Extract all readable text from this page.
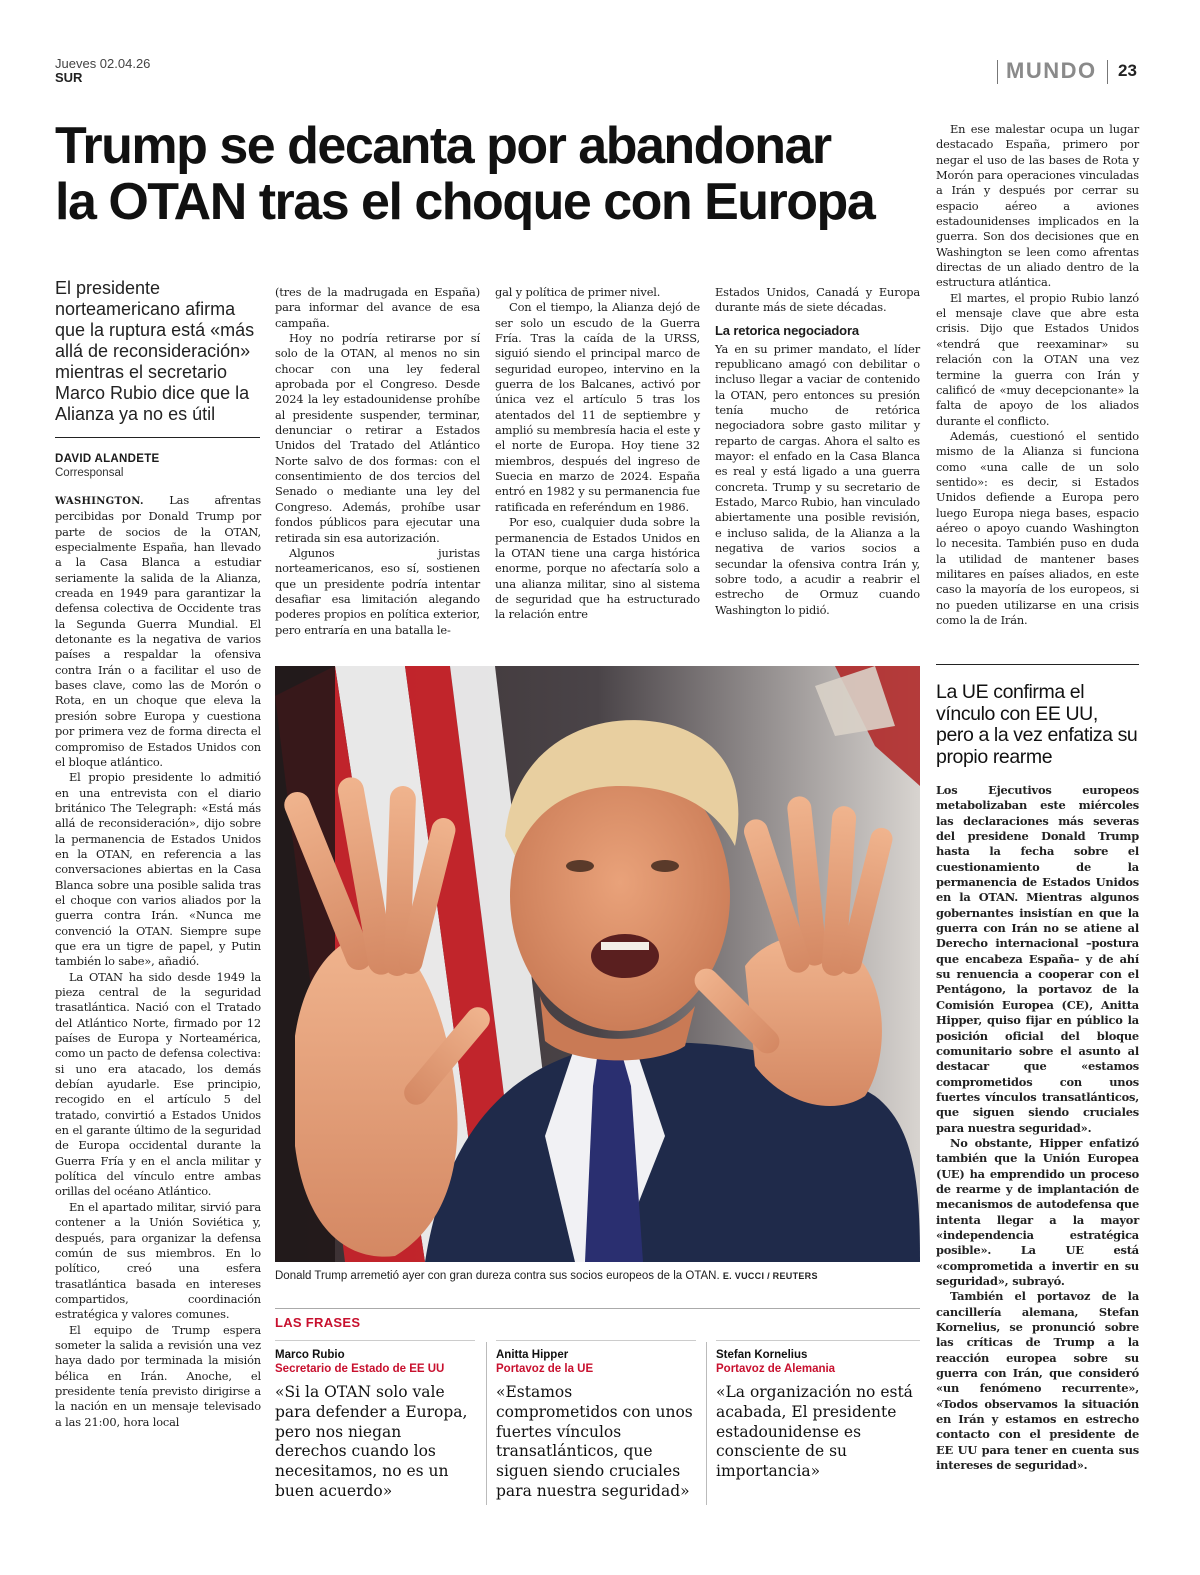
Jueves 02.04.26
SUR	MUNDO 23
Trump se decanta por abandonar
la OTAN tras el choque con Europa
El presidente norteamericano afirma que la ruptura está «más allá de reconsideración» mientras el secretario Marco Rubio dice que la Alianza ya no es útil
DAVID ALANDETE
Corresponsal

WASHINGTON. Las afrentas percibidas por Donald Trump por parte de socios de la OTAN, especialmente España, han llevado a la Casa Blanca a estudiar seriamente la salida de la Alianza, creada en 1949 para garantizar la defensa colectiva de Occidente tras la Segunda Guerra Mundial. El detonante es la negativa de varios países a respaldar la ofensiva contra Irán o a facilitar el uso de bases clave, como las de Morón o Rota, en un choque que eleva la presión sobre Europa y cuestiona por primera vez de forma directa el compromiso de Estados Unidos con el bloque atlántico.

El propio presidente lo admitió en una entrevista con el diario británico The Telegraph: «Está más allá de reconsideración», dijo sobre la permanencia de Estados Unidos en la OTAN, en referencia a las conversaciones abiertas en la Casa Blanca sobre una posible salida tras el choque con varios aliados por la guerra contra Irán. «Nunca me convenció la OTAN. Siempre supe que era un tigre de papel, y Putin también lo sabe», añadió.

La OTAN ha sido desde 1949 la pieza central de la seguridad trasatlántica. Nació con el Tratado del Atlántico Norte, firmado por 12 países de Europa y Norteamérica, como un pacto de defensa colectiva: si uno era atacado, los demás debían ayudarle. Ese principio, recogido en el artículo 5 del tratado, convirtió a Estados Unidos en el garante último de la seguridad de Europa occidental durante la Guerra Fría y en el ancla militar y política del vínculo entre ambas orillas del océano Atlántico.

En el apartado militar, sirvió para contener a la Unión Soviética y, después, para organizar la defensa común de sus miembros. En lo político, creó una esfera trasatlántica basada en intereses compartidos, coordinación estratégica y valores comunes.

El equipo de Trump espera someter la salida a revisión una vez haya dado por terminada la misión bélica en Irán. Anoche, el presidente tenía previsto dirigirse a la nación en un mensaje televisado a las 21:00, hora local

(tres de la madrugada en España) para informar del avance de esa campaña.

Hoy no podría retirarse por sí solo de la OTAN, al menos no sin chocar con una ley federal aprobada por el Congreso. Desde 2024 la ley estadounidense prohíbe al presidente suspender, terminar, denunciar o retirar a Estados Unidos del Tratado del Atlántico Norte salvo de dos formas: con el consentimiento de dos tercios del Senado o mediante una ley del Congreso. Además, prohíbe usar fondos públicos para ejecutar una retirada sin esa autorización.

Algunos juristas norteamericanos, eso sí, sostienen que un presidente podría intentar desafiar esa limitación alegando poderes propios en política exterior, pero entraría en una batalla le-

gal y política de primer nivel.

Con el tiempo, la Alianza dejó de ser solo un escudo de la Guerra Fría. Tras la caída de la URSS, siguió siendo el principal marco de seguridad europeo, intervino en la guerra de los Balcanes, activó por única vez el artículo 5 tras los atentados del 11 de septiembre y amplió su membresía hacia el este y el norte de Europa. Hoy tiene 32 miembros, después del ingreso de Suecia en marzo de 2024. España entró en 1982 y su permanencia fue ratificada en referéndum en 1986.

Por eso, cualquier duda sobre la permanencia de Estados Unidos en la OTAN tiene una carga histórica enorme, porque no afectaría solo a una alianza militar, sino al sistema de seguridad que ha estructurado la relación entre

Estados Unidos, Canadá y Europa durante más de siete décadas.

La retorica negociadora

Ya en su primer mandato, el líder republicano amagó con debilitar o incluso llegar a vaciar de contenido la OTAN, pero entonces su presión tenía mucho de retórica negociadora sobre gasto militar y reparto de cargas. Ahora el salto es mayor: el enfado en la Casa Blanca es real y está ligado a una guerra concreta. Trump y su secretario de Estado, Marco Rubio, han vinculado abiertamente una posible revisión, e incluso salida, de la Alianza a la negativa de varios socios a secundar la ofensiva contra Irán y, sobre todo, a acudir a reabrir el estrecho de Ormuz cuando Washington lo pidió.

En ese malestar ocupa un lugar destacado España, primero por negar el uso de las bases de Rota y Morón para operaciones vinculadas a Irán y después por cerrar su espacio aéreo a aviones estadounidenses implicados en la guerra. Son dos decisiones que en Washington se leen como afrentas directas de un aliado dentro de la estructura atlántica.

El martes, el propio Rubio lanzó el mensaje clave que abre esta crisis. Dijo que Estados Unidos «tendrá que reexaminar» su relación con la OTAN una vez termine la guerra con Irán y calificó de «muy decepcionante» la falta de apoyo de los aliados durante el conflicto.

Además, cuestionó el sentido mismo de la Alianza si funciona como «una calle de un solo sentido»: es decir, si Estados Unidos defiende a Europa pero luego Europa niega bases, espacio aéreo o apoyo cuando Washington lo necesita. También puso en duda la utilidad de mantener bases militares en países aliados, en este caso la mayoría de los europeos, si no pueden utilizarse en una crisis como la de Irán.

Donald Trump arremetió ayer con gran dureza contra sus socios europeos de la OTAN. E. VUCCI / REUTERS
LAS FRASES
Marco Rubio
Secretario de Estado de EE UU
«Si la OTAN solo vale para defender a Europa, pero nos niegan derechos cuando los necesitamos, no es un buen acuerdo»
Anitta Hipper
Portavoz de la UE
«Estamos comprometidos con unos fuertes vínculos transatlánticos, que siguen siendo cruciales para nuestra seguridad»
Stefan Kornelius
Portavoz de Alemania
«La organización no está acabada, El presidente estadounidense es consciente de su importancia»
La UE confirma el vínculo con EE UU, pero a la vez enfatiza su propio rearme

Los Ejecutivos europeos metabolizaban este miércoles las declaraciones más severas del presidene Donald Trump hasta la fecha sobre el cuestionamiento de la permanencia de Estados Unidos en la OTAN. Mientras algunos gobernantes insistían en que la guerra con Irán no se atiene al Derecho internacional –postura que encabeza España– y de ahí su renuencia a cooperar con el Pentágono, la portavoz de la Comisión Europea (CE), Anitta Hipper, quiso fijar en público la posición oficial del bloque comunitario sobre el asunto al destacar que «estamos comprometidos con unos fuertes vínculos transatlánticos, que siguen siendo cruciales para nuestra seguridad».

No obstante, Hipper enfatizó también que la Unión Europea (UE) ha emprendido un proceso de rearme y de implantación de mecanismos de autodefensa que intenta llegar a la mayor «independencia estratégica posible». La UE está «comprometida a invertir en su seguridad», subrayó.

También el portavoz de la cancillería alemana, Stefan Kornelius, se pronunció sobre las críticas de Trump a la reacción europea sobre su guerra con Irán, que consideró «un fenómeno recurrente», «Todos observamos la situación en Irán y estamos en estrecho contacto con el presidente de EE UU para tener en cuenta sus intereses de seguridad».
